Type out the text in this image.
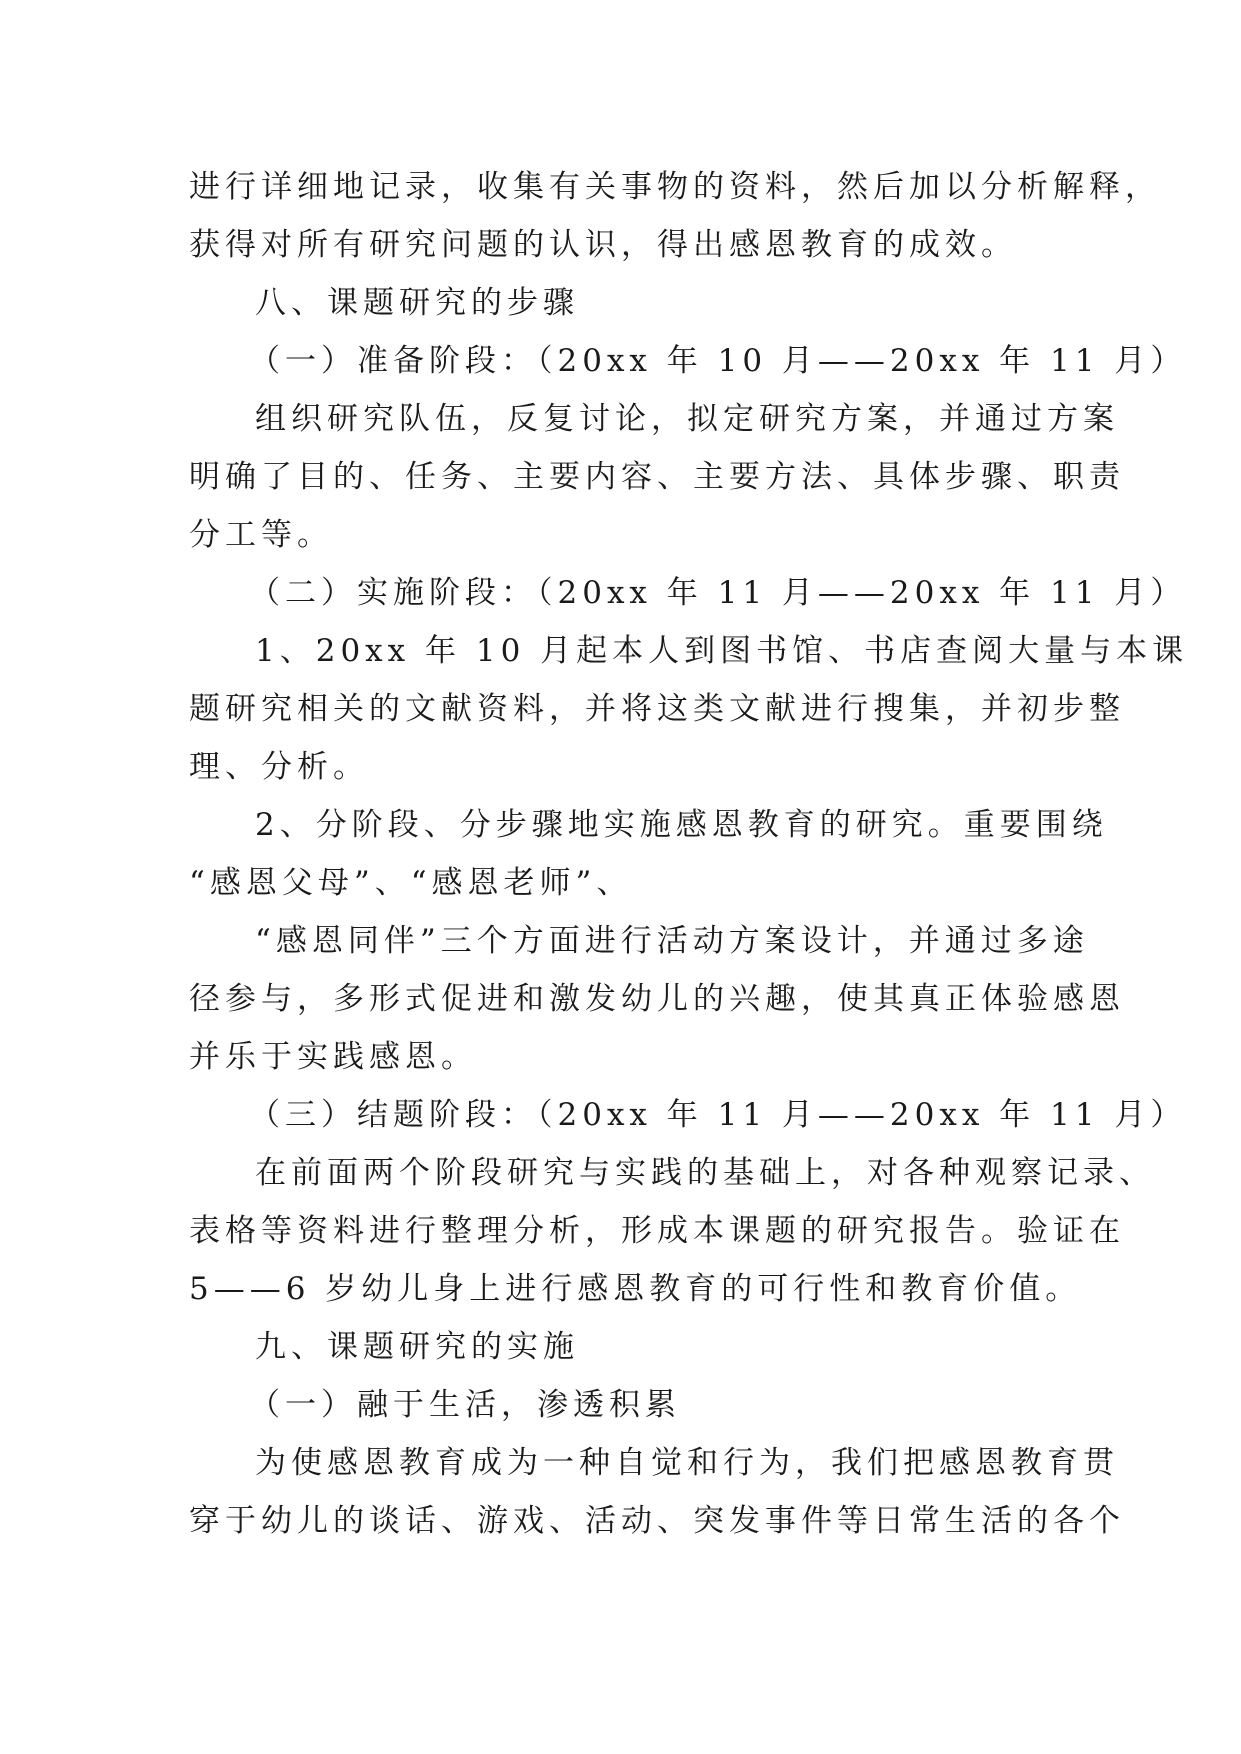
进行详细地记录，收集有关事物的资料，然后加以分析解释，
获得对所有研究问题的认识，得出感恩教育的成效。
八、课题研究的步骤
（一）准备阶段：（20xx 年 10 月——20xx 年 11 月）
组织研究队伍，反复讨论，拟定研究方案，并通过方案
明确了目的、任务、主要内容、主要方法、具体步骤、职责
分工等。
（二）实施阶段：（20xx 年 11 月——20xx 年 11 月）
1、20xx 年 10 月起本人到图书馆、书店查阅大量与本课
题研究相关的文献资料，并将这类文献进行搜集，并初步整
理、分析。
2、分阶段、分步骤地实施感恩教育的研究。重要围绕
“感恩父母”、“感恩老师”、
“感恩同伴”三个方面进行活动方案设计，并通过多途
径参与，多形式促进和激发幼儿的兴趣，使其真正体验感恩
并乐于实践感恩。
（三）结题阶段：（20xx 年 11 月——20xx 年 11 月）
在前面两个阶段研究与实践的基础上，对各种观察记录、
表格等资料进行整理分析，形成本课题的研究报告。验证在
5——6 岁幼儿身上进行感恩教育的可行性和教育价值。
九、课题研究的实施
（一）融于生活，渗透积累
为使感恩教育成为一种自觉和行为，我们把感恩教育贯
穿于幼儿的谈话、游戏、活动、突发事件等日常生活的各个
